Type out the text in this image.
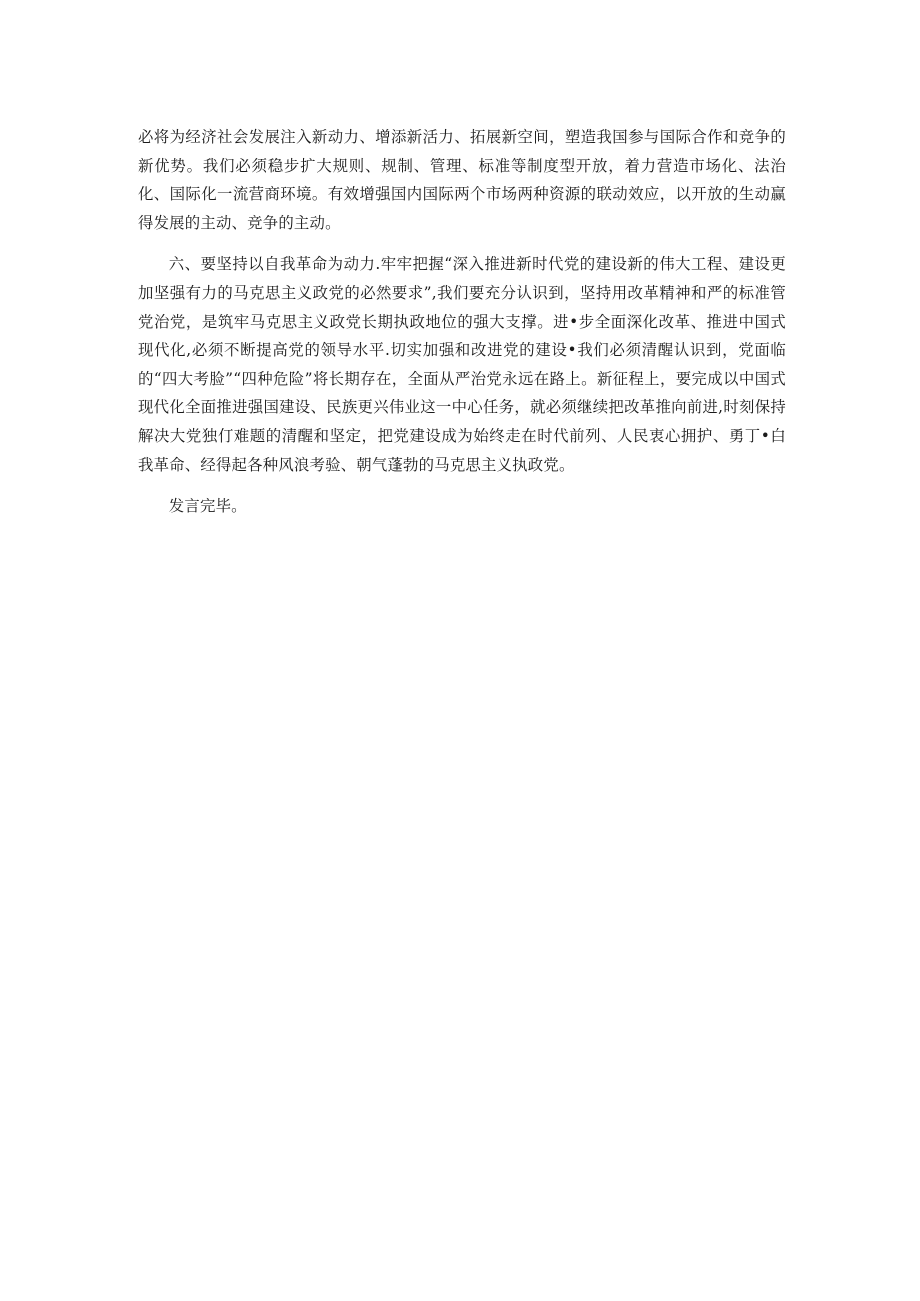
必将为经济社会发展注入新动力、增添新活力、拓展新空间，塑造我国参与国际合作和竞争的新优势。我们必须稳步扩大规则、规制、管理、标准等制度型开放，着力营造市场化、法治化、国际化一流营商环境。有效增强国内国际两个市场两种资源的联动效应，以开放的生动赢得发展的主动、竞争的主动。

六、要坚持以自我革命为动力.牢牢把握“深入推进新时代党的建设新的伟大工程、建设更加坚强有力的马克思主义政党的必然要求”,我们要充分认识到，坚持用改革精神和严的标准管党治党，是筑牢马克思主义政党长期执政地位的强大支撑。进•步全面深化改革、推进中国式现代化,必须不断提高党的领导水平.切实加强和改进党的建设•我们必须清醒认识到，党面临的“四大考脸”“四种危险”将长期存在，全面从严治党永远在路上。新征程上，要完成以中国式现代化全面推进强国建设、民族更兴伟业这一中心任务，就必须继续把改革推向前进,时刻保持解决大党独仃难题的清醒和坚定，把党建设成为始终走在时代前列、人民衷心拥护、勇丁•白我革命、经得起各种风浪考验、朝气蓬勃的马克思主义执政党。

发言完毕。
